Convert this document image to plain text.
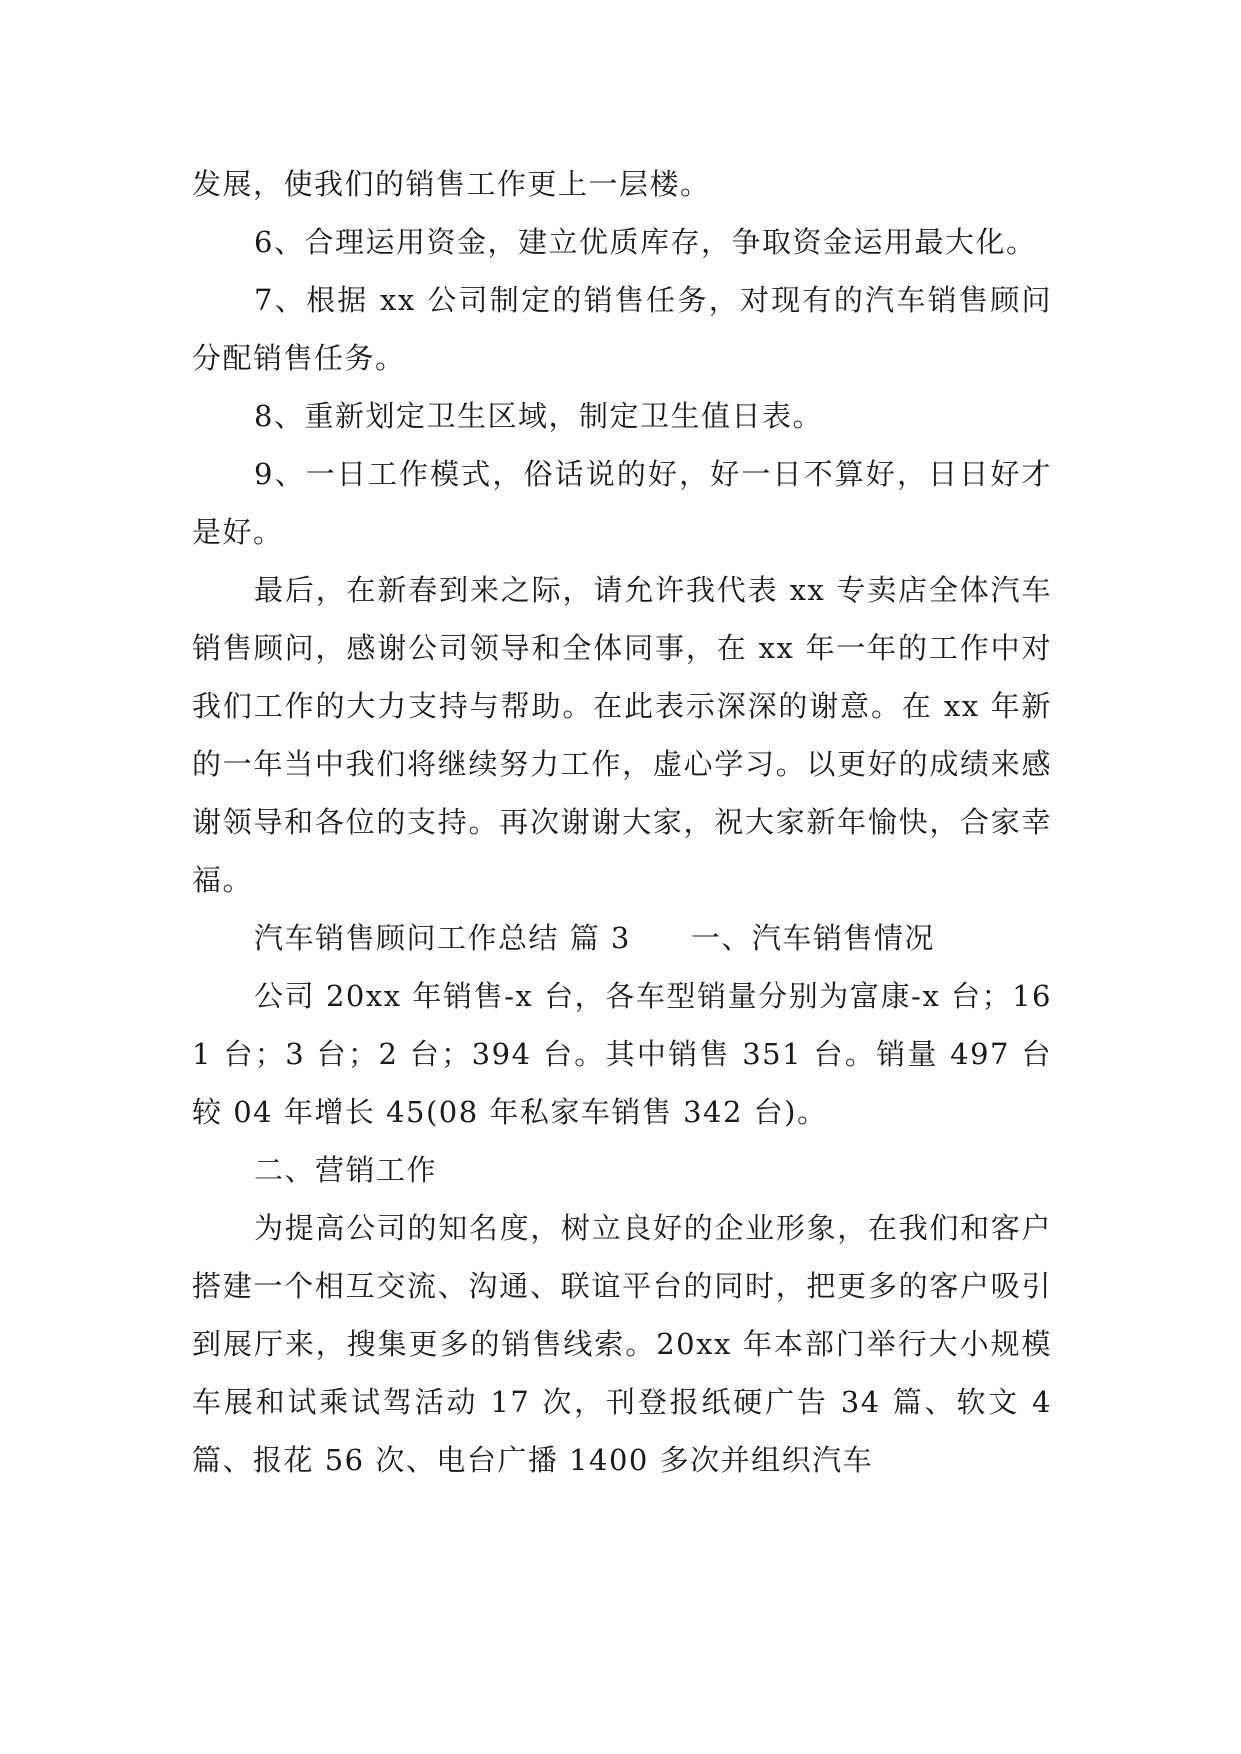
发展，使我们的销售工作更上一层楼。

6、合理运用资金，建立优质库存，争取资金运用最大化。

7、根据 xx 公司制定的销售任务，对现有的汽车销售顾问分配销售任务。

8、重新划定卫生区域，制定卫生值日表。

9、一日工作模式，俗话说的好，好一日不算好，日日好才是好。

最后，在新春到来之际，请允许我代表 xx 专卖店全体汽车销售顾问，感谢公司领导和全体同事，在 xx 年一年的工作中对我们工作的大力支持与帮助。在此表示深深的谢意。在 xx 年新的一年当中我们将继续努力工作，虚心学习。以更好的成绩来感谢领导和各位的支持。再次谢谢大家，祝大家新年愉快，合家幸福。

汽车销售顾问工作总结 篇 3 一、汽车销售情况

公司 20xx 年销售-x 台，各车型销量分别为富康-x 台；161 台；3 台；2 台；394 台。其中销售 351 台。销量 497 台较 04 年增长 45(08 年私家车销售 342 台)。

二、营销工作

为提高公司的知名度，树立良好的企业形象，在我们和客户搭建一个相互交流、沟通、联谊平台的同时，把更多的客户吸引到展厅来，搜集更多的销售线索。20xx 年本部门举行大小规模车展和试乘试驾活动 17 次，刊登报纸硬广告 34 篇、软文 4 篇、报花 56 次、电台广播 1400 多次并组织汽车
